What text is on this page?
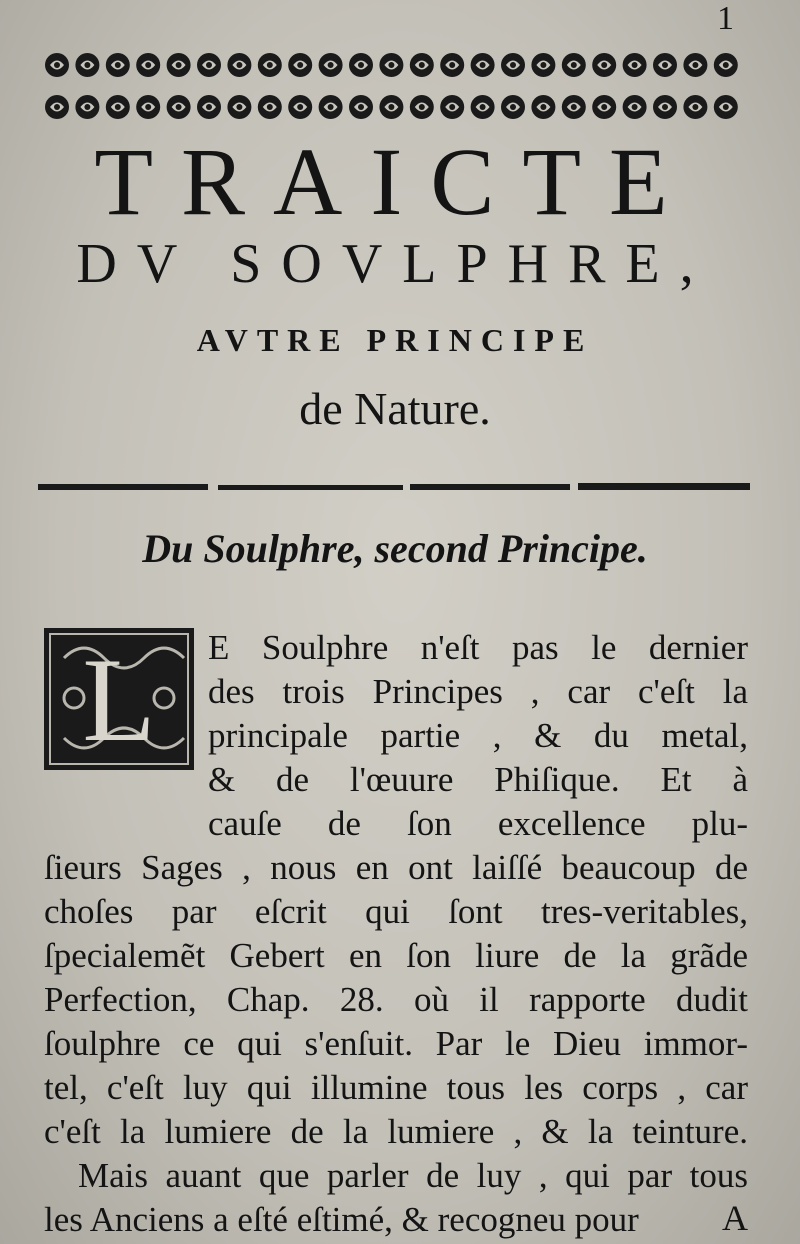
1
TRAICTE
DV SOVLPHRE,
AVTRE PRINCIPE
de Nature.
Du Soulphre, second Principe.
L E Soulphre n'eſt pas le dernier
des trois Principes , car c'eſt la
principale partie , & du metal,
& de l'œuure Phiſique. Et à
cauſe de ſon excellence plu-
ſieurs Sages , nous en ont laiſſé beaucoup de
choſes par eſcrit qui ſont tres-veritables,
ſpecialemẽt Gebert en ſon liure de la grãde
Perfection, Chap. 28. où il rapporte dudit
ſoulphre ce qui s'enſuit. Par le Dieu immor-
tel, c'eſt luy qui illumine tous les corps , car
c'eſt la lumiere de la lumiere , & la teinture.
Mais auant que parler de luy , qui par tous
les Anciens a eſté eſtimé, & recogneu pour A
